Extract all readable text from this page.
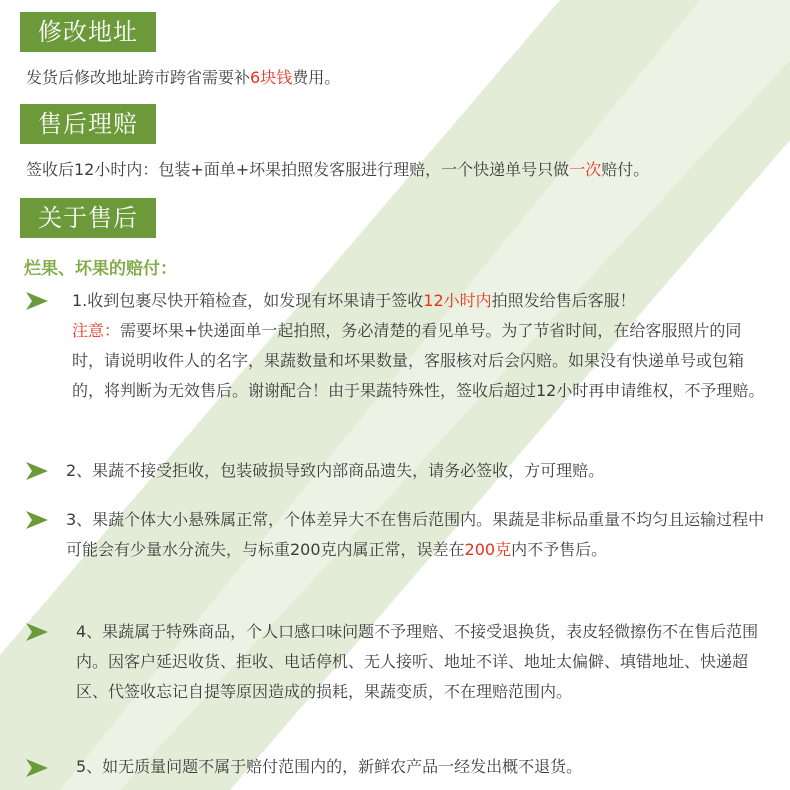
修改地址
发货后修改地址跨市跨省需要补6块钱费用。
售后理赔
签收后12小时内：包装+面单+坏果拍照发客服进行理赔，一个快递单号只做一次赔付。
关于售后
烂果、坏果的赔付：
1.收到包裹尽快开箱检查，如发现有坏果请于签收12小时内拍照发给售后客服！
注意：需要坏果+快递面单一起拍照，务必清楚的看见单号。为了节省时间，在给客服照片的同时，请说明收件人的名字，果蔬数量和坏果数量，客服核对后会闪赔。如果没有快递单号或包箱的，将判断为无效售后。谢谢配合！由于果蔬特殊性，签收后超过12小时再申请维权，不予理赔。
2、果蔬不接受拒收，包装破损导致内部商品遗失，请务必签收，方可理赔。
3、果蔬个体大小悬殊属正常，个体差异大不在售后范围内。果蔬是非标品重量不均匀且运输过程中可能会有少量水分流失，与标重200克内属正常，误差在200克内不予售后。
4、果蔬属于特殊商品，个人口感口味问题不予理赔、不接受退换货，表皮轻微擦伤不在售后范围内。因客户延迟收货、拒收、电话停机、无人接听、地址不详、地址太偏僻、填错地址、快递超区、代签收忘记自提等原因造成的损耗，果蔬变质，不在理赔范围内。
5、如无质量问题不属于赔付范围内的，新鲜农产品一经发出概不退货。
